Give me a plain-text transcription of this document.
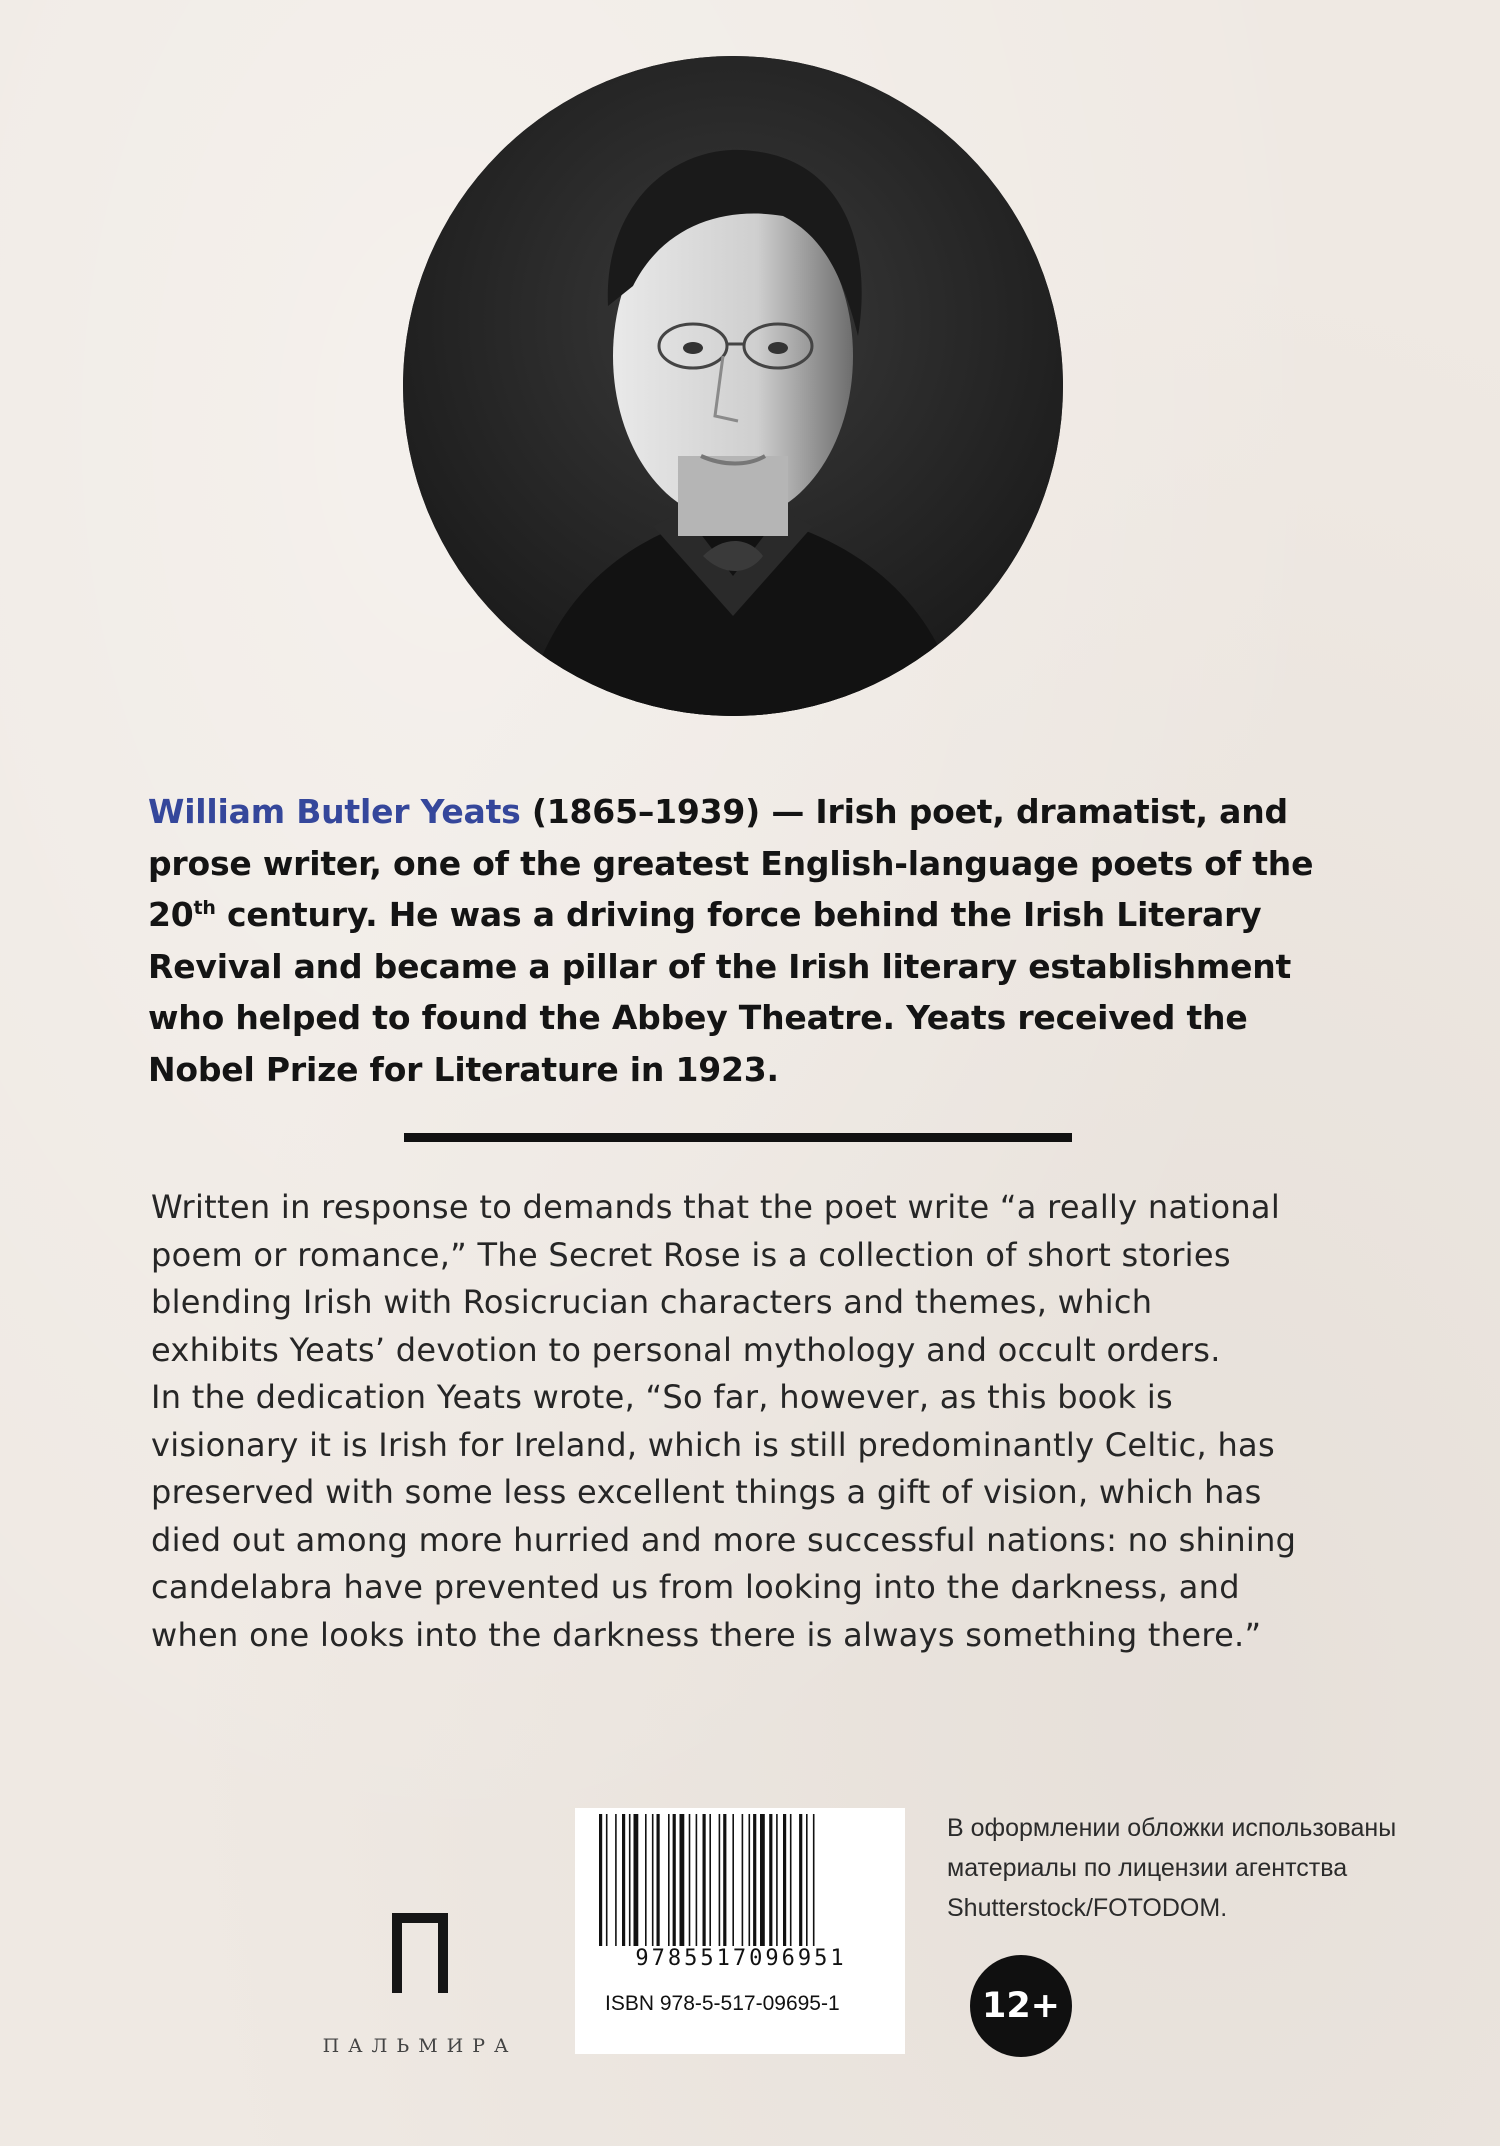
William Butler Yeats (1865–1939) — Irish poet, dramatist, and prose writer, one of the greatest English-language poets of the 20th century. He was a driving force behind the Irish Literary Revival and became a pillar of the Irish literary establishment who helped to found the Abbey Theatre. Yeats received the Nobel Prize for Literature in 1923.
Written in response to demands that the poet write “a really national
poem or romance,” The Secret Rose is a collection of short stories
blending Irish with Rosicrucian characters and themes, which
exhibits Yeats’ devotion to personal mythology and occult orders.
In the dedication Yeats wrote, “So far, however, as this book is
visionary it is Irish for Ireland, which is still predominantly Celtic, has
preserved with some less excellent things a gift of vision, which has
died out among more hurried and more successful nations: no shining
candelabra have prevented us from looking into the darkness, and
when one looks into the darkness there is always something there.”
ПАЛЬМИРА
9785517096951
ISBN 978-5-517-09695-1
В оформлении обложки использованы
материалы по лицензии агентства
Shutterstock/FOTODOM.
12+
